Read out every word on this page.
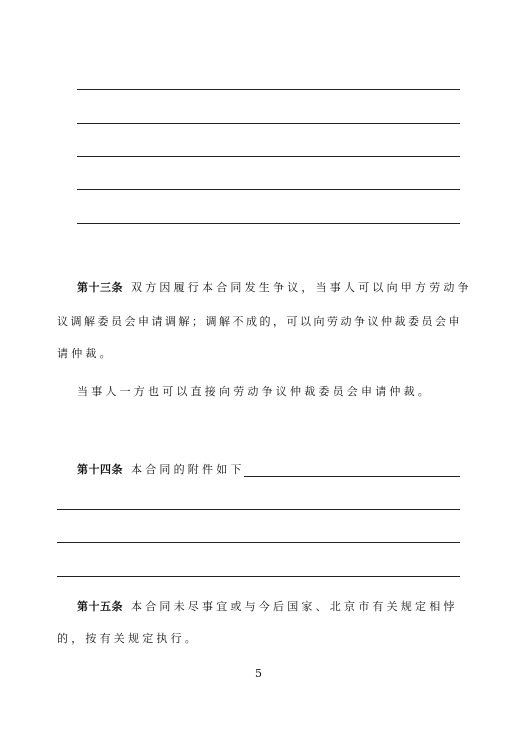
第十三条 双方因履行本合同发生争议，当事人可以向甲方劳动争
议调解委员会申请调解；调解不成的，可以向劳动争议仲裁委员会申
请仲裁。
当事人一方也可以直接向劳动争议仲裁委员会申请仲裁。
第十四条 本合同的附件如下
第十五条 本合同未尽事宜或与今后国家、北京市有关规定相悖
的，按有关规定执行。
5
